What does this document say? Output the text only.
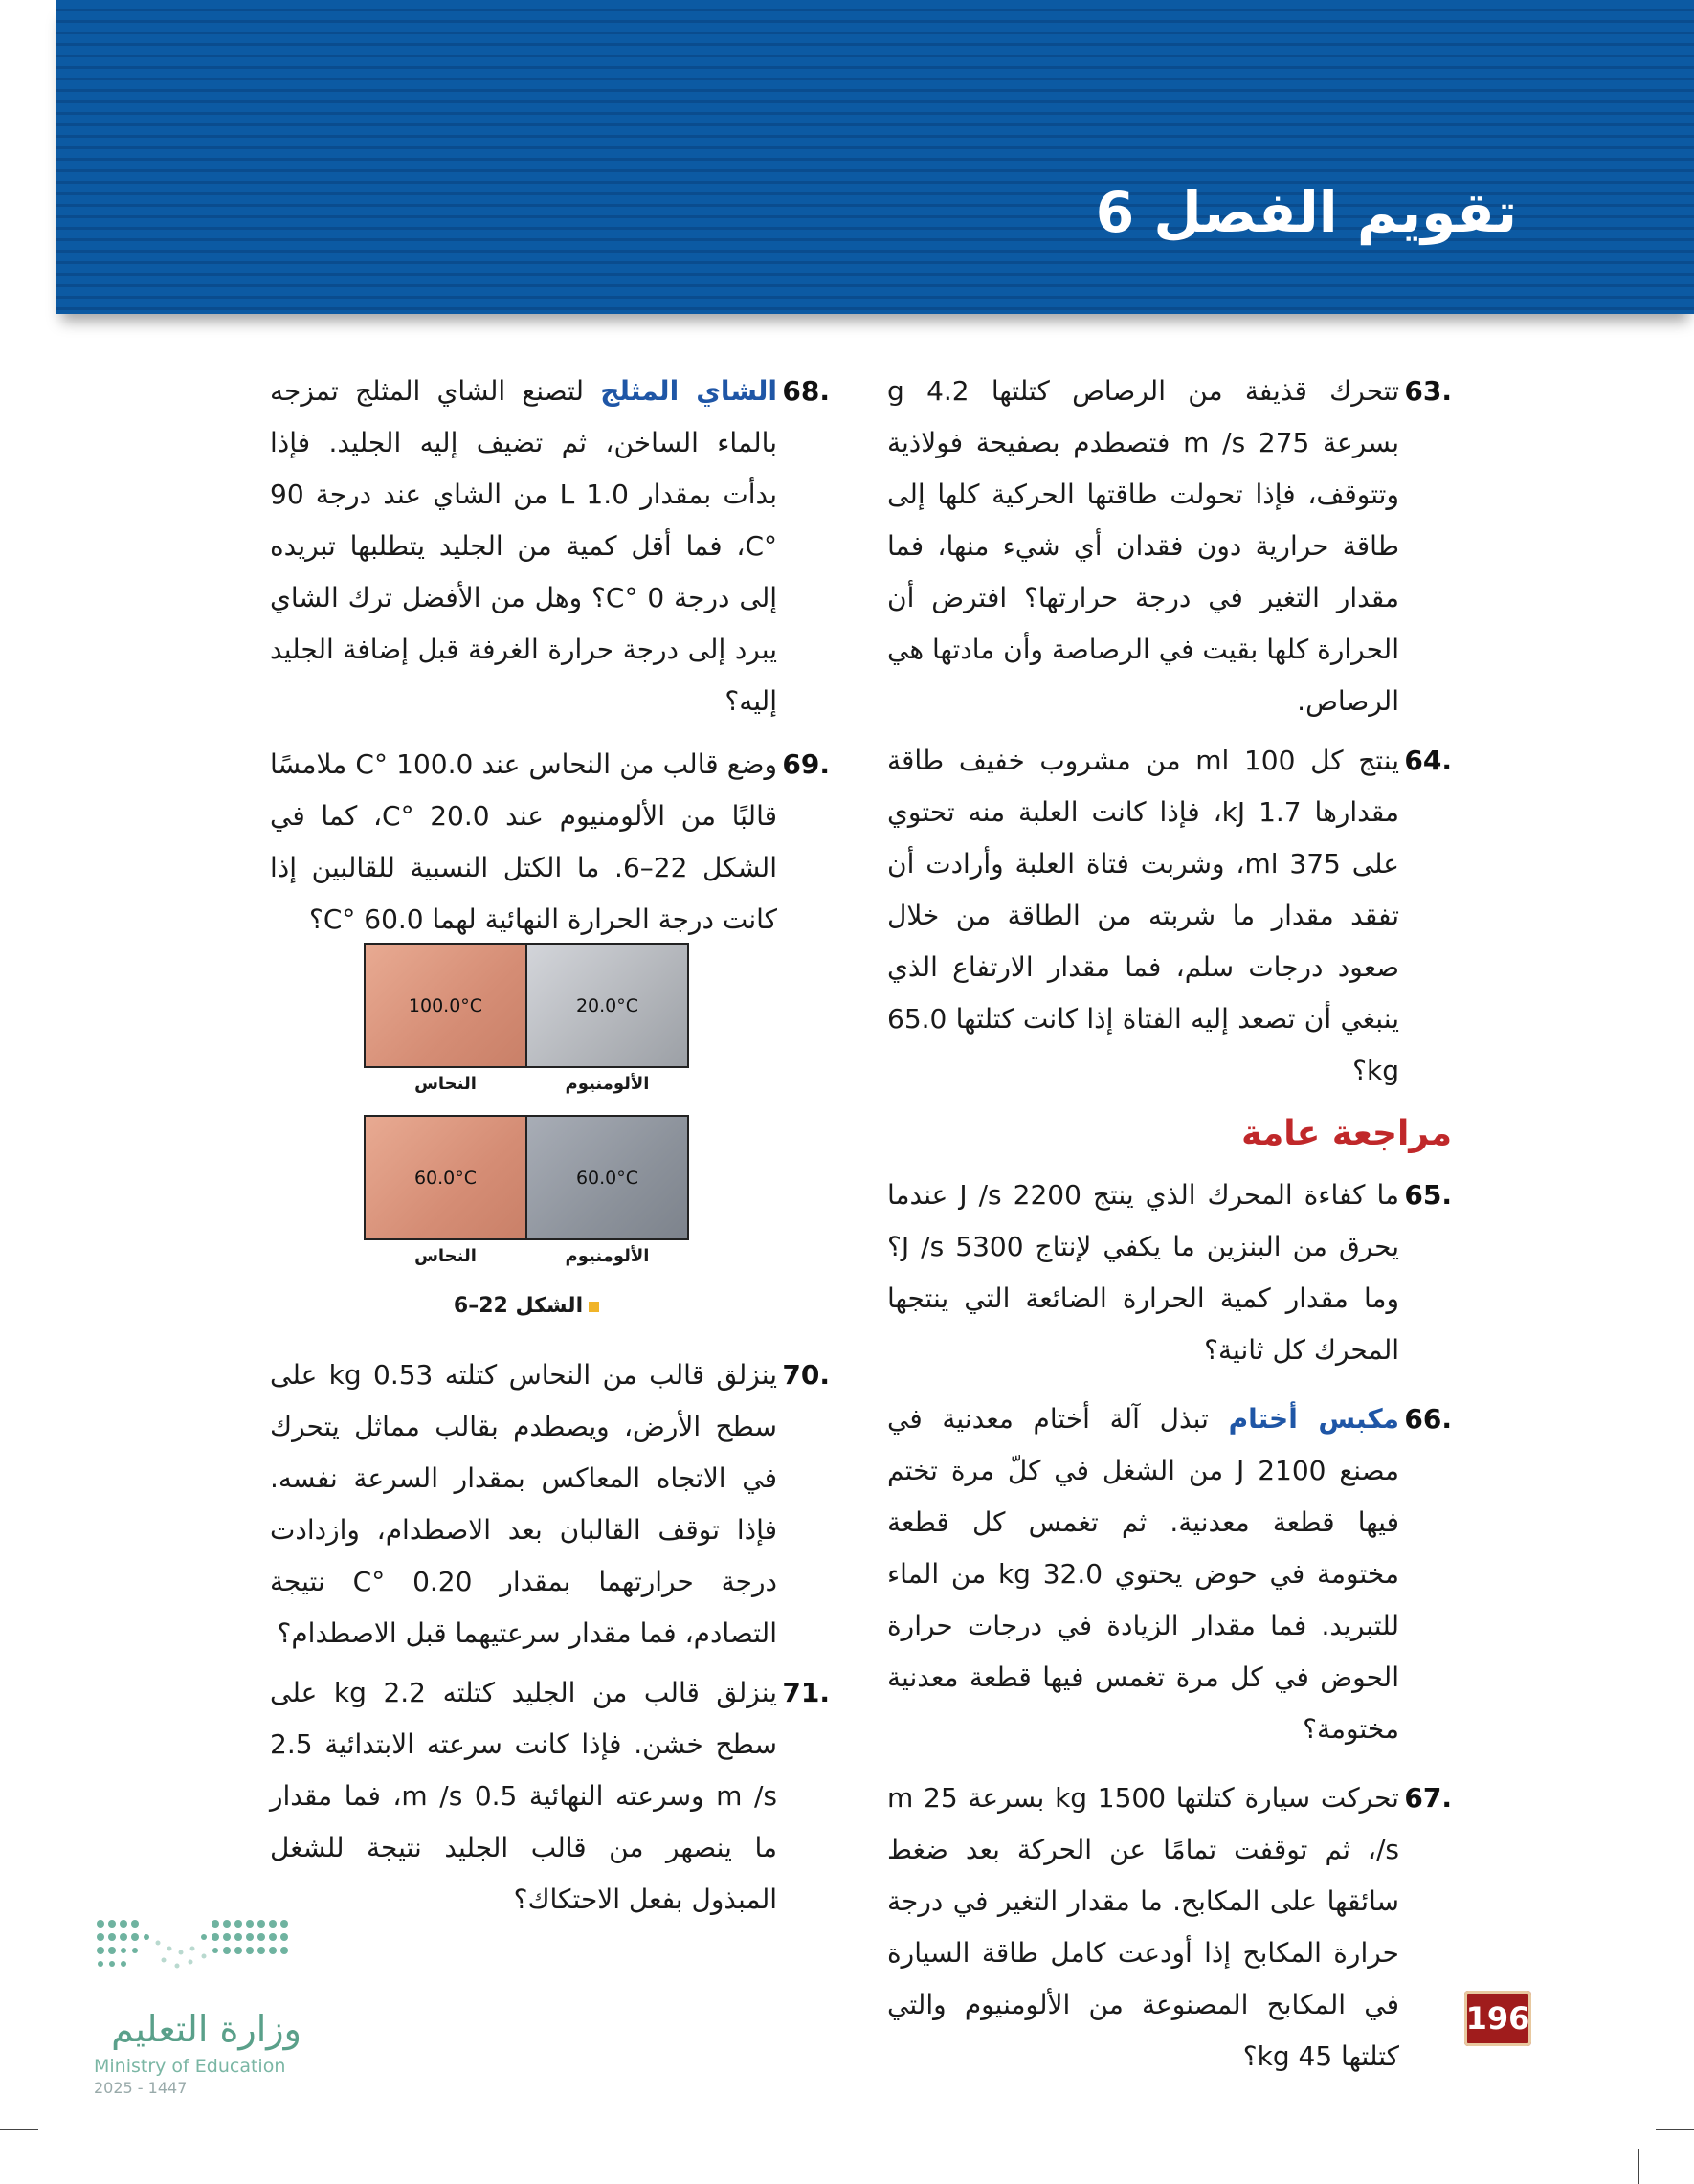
تقويم الفصل 6
.63
تتحرك قذيفة من الرصاص كتلتها 4.2 g بسرعة 275 m /s فتصطدم بصفيحة فولاذية وتتوقف، فإذا تحولت طاقتها الحركية كلها إلى طاقة حرارية دون فقدان أي شيء منها، فما مقدار التغير في درجة حرارتها؟ افترض أن الحرارة كلها بقيت في الرصاصة وأن مادتها هي الرصاص.
.64
ينتج كل 100 ml من مشروب خفيف طاقة مقدارها 1.7 kJ، فإذا كانت العلبة منه تحتوي على 375 ml، وشربت فتاة العلبة وأرادت أن تفقد مقدار ما شربته من الطاقة من خلال صعود درجات سلم، فما مقدار الارتفاع الذي ينبغي أن تصعد إليه الفتاة إذا كانت كتلتها 65.0 kg؟
مراجعة عامة
.65
ما كفاءة المحرك الذي ينتج 2200 J /s عندما يحرق من البنزين ما يكفي لإنتاج 5300 J /s؟ وما مقدار كمية الحرارة الضائعة التي ينتجها المحرك كل ثانية؟
.66
مكبس أختام تبذل آلة أختام معدنية في مصنع 2100 J من الشغل في كلّ مرة تختم فيها قطعة معدنية. ثم تغمس كل قطعة مختومة في حوض يحتوي 32.0 kg من الماء للتبريد. فما مقدار الزيادة في درجات حرارة الحوض في كل مرة تغمس فيها قطعة معدنية مختومة؟
.67
تحركت سيارة كتلتها 1500 kg بسرعة 25 m /s، ثم توقفت تمامًا عن الحركة بعد ضغط سائقها على المكابح. ما مقدار التغير في درجة حرارة المكابح إذا أودعت كامل طاقة السيارة في المكابح المصنوعة من الألومنيوم والتي كتلتها 45 kg؟
.68
الشاي المثلج لتصنع الشاي المثلج تمزجه بالماء الساخن، ثم تضيف إليه الجليد. فإذا بدأت بمقدار 1.0 L من الشاي عند درجة 90 °C، فما أقل كمية من الجليد يتطلبها تبريده إلى درجة 0 °C؟ وهل من الأفضل ترك الشاي يبرد إلى درجة حرارة الغرفة قبل إضافة الجليد إليه؟
.69
وضع قالب من النحاس عند 100.0 °C ملامسًا قالبًا من الألومنيوم عند 20.0 °C، كما في الشكل 22–6. ما الكتل النسبية للقالبين إذا كانت درجة الحرارة النهائية لهما 60.0 °C؟
100.0°C	20.0°C
النحاس	الألومنيوم
60.0°C	60.0°C
النحاس	الألومنيوم
الشكل 22–6
.70
ينزلق قالب من النحاس كتلته 0.53 kg على سطح الأرض، ويصطدم بقالب مماثل يتحرك في الاتجاه المعاكس بمقدار السرعة نفسه. فإذا توقف القالبان بعد الاصطدام، وازدادت درجة حرارتهما بمقدار 0.20 °C نتيجة التصادم، فما مقدار سرعتيهما قبل الاصطدام؟
.71
ينزلق قالب من الجليد كتلته 2.2 kg على سطح خشن. فإذا كانت سرعته الابتدائية 2.5 m /s وسرعته النهائية 0.5 m /s، فما مقدار ما ينصهر من قالب الجليد نتيجة للشغل المبذول بفعل الاحتكاك؟
وزارة التعليم
Ministry of Education
2025 - 1447
196
